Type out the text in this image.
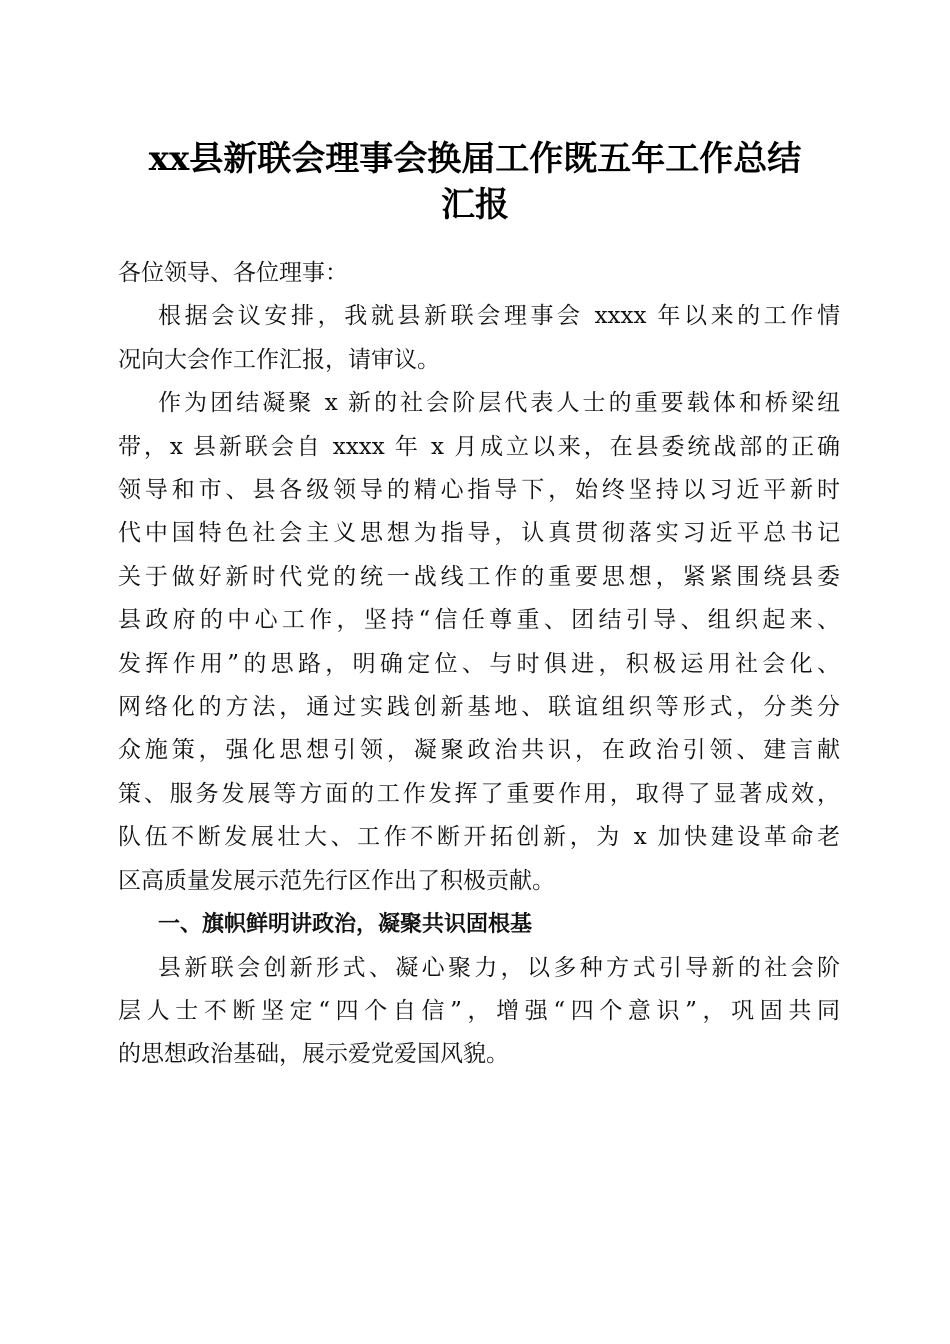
xx县新联会理事会换届工作既五年工作总结
汇报

各位领导、各位理事：

根据会议安排，我就县新联会理事会 xxxx 年以来的工作情
况向大会作工作汇报，请审议。
作为团结凝聚 x 新的社会阶层代表人士的重要载体和桥梁纽
带，x 县新联会自 xxxx 年 x 月成立以来，在县委统战部的正确
领导和市、县各级领导的精心指导下，始终坚持以习近平新时
代中国特色社会主义思想为指导，认真贯彻落实习近平总书记
关于做好新时代党的统一战线工作的重要思想，紧紧围绕县委
县政府的中心工作，坚持“信任尊重、团结引导、组织起来、
发挥作用”的思路，明确定位、与时俱进，积极运用社会化、
网络化的方法，通过实践创新基地、联谊组织等形式，分类分
众施策，强化思想引领，凝聚政治共识，在政治引领、建言献
策、服务发展等方面的工作发挥了重要作用，取得了显著成效，
队伍不断发展壮大、工作不断开拓创新，为 x 加快建设革命老
区高质量发展示范先行区作出了积极贡献。

一、旗帜鲜明讲政治，凝聚共识固根基

县新联会创新形式、凝心聚力，以多种方式引导新的社会阶
层人士不断坚定“四个自信”，增强“四个意识”，巩固共同
的思想政治基础，展示爱党爱国风貌。
